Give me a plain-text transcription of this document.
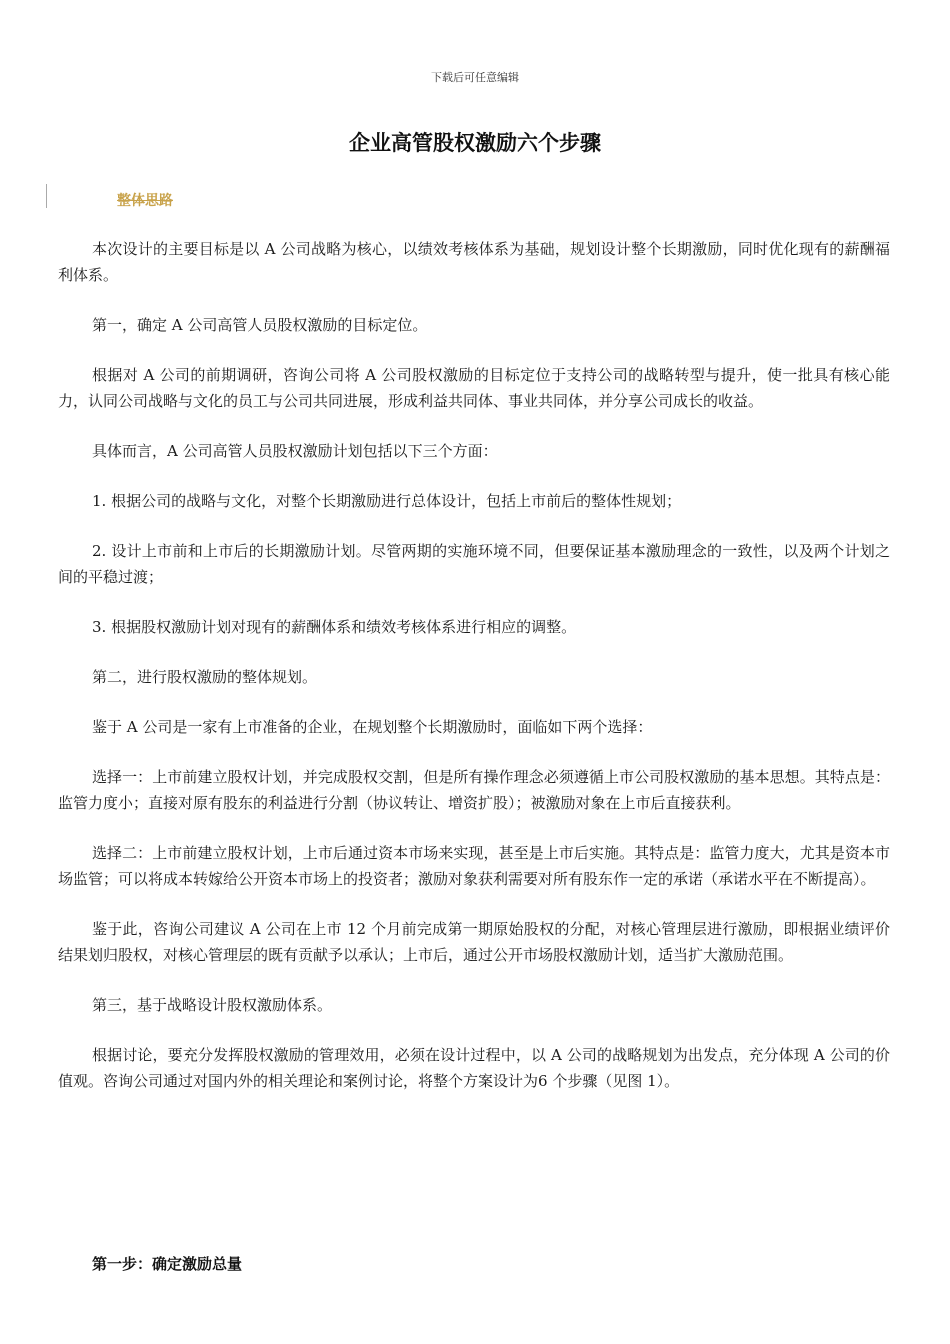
下载后可任意编辑
企业高管股权激励六个步骤
整体思路

本次设计的主要目标是以 A 公司战略为核心，以绩效考核体系为基础，规划设计整个长期激励，同时优化现有的薪酬福利体系。

第一，确定 A 公司高管人员股权激励的目标定位。

根据对 A 公司的前期调研，咨询公司将 A 公司股权激励的目标定位于支持公司的战略转型与提升，使一批具有核心能力，认同公司战略与文化的员工与公司共同进展，形成利益共同体、事业共同体，并分享公司成长的收益。

具体而言，A 公司高管人员股权激励计划包括以下三个方面：

1. 根据公司的战略与文化，对整个长期激励进行总体设计，包括上市前后的整体性规划；

2. 设计上市前和上市后的长期激励计划。尽管两期的实施环境不同，但要保证基本激励理念的一致性，以及两个计划之间的平稳过渡；

3. 根据股权激励计划对现有的薪酬体系和绩效考核体系进行相应的调整。

第二，进行股权激励的整体规划。

鉴于 A 公司是一家有上市准备的企业，在规划整个长期激励时，面临如下两个选择：

选择一：上市前建立股权计划，并完成股权交割，但是所有操作理念必须遵循上市公司股权激励的基本思想。其特点是：监管力度小；直接对原有股东的利益进行分割（协议转让、增资扩股）；被激励对象在上市后直接获利。

选择二：上市前建立股权计划，上市后通过资本市场来实现，甚至是上市后实施。其特点是：监管力度大，尤其是资本市场监管；可以将成本转嫁给公开资本市场上的投资者；激励对象获利需要对所有股东作一定的承诺（承诺水平在不断提高）。

鉴于此，咨询公司建议 A 公司在上市 12 个月前完成第一期原始股权的分配，对核心管理层进行激励，即根据业绩评价结果划归股权，对核心管理层的既有贡献予以承认；上市后，通过公开市场股权激励计划，适当扩大激励范围。

第三，基于战略设计股权激励体系。

根据讨论，要充分发挥股权激励的管理效用，必须在设计过程中，以 A 公司的战略规划为出发点，充分体现 A 公司的价值观。咨询公司通过对国内外的相关理论和案例讨论，将整个方案设计为6 个步骤（见图 1）。

第一步：确定激励总量
